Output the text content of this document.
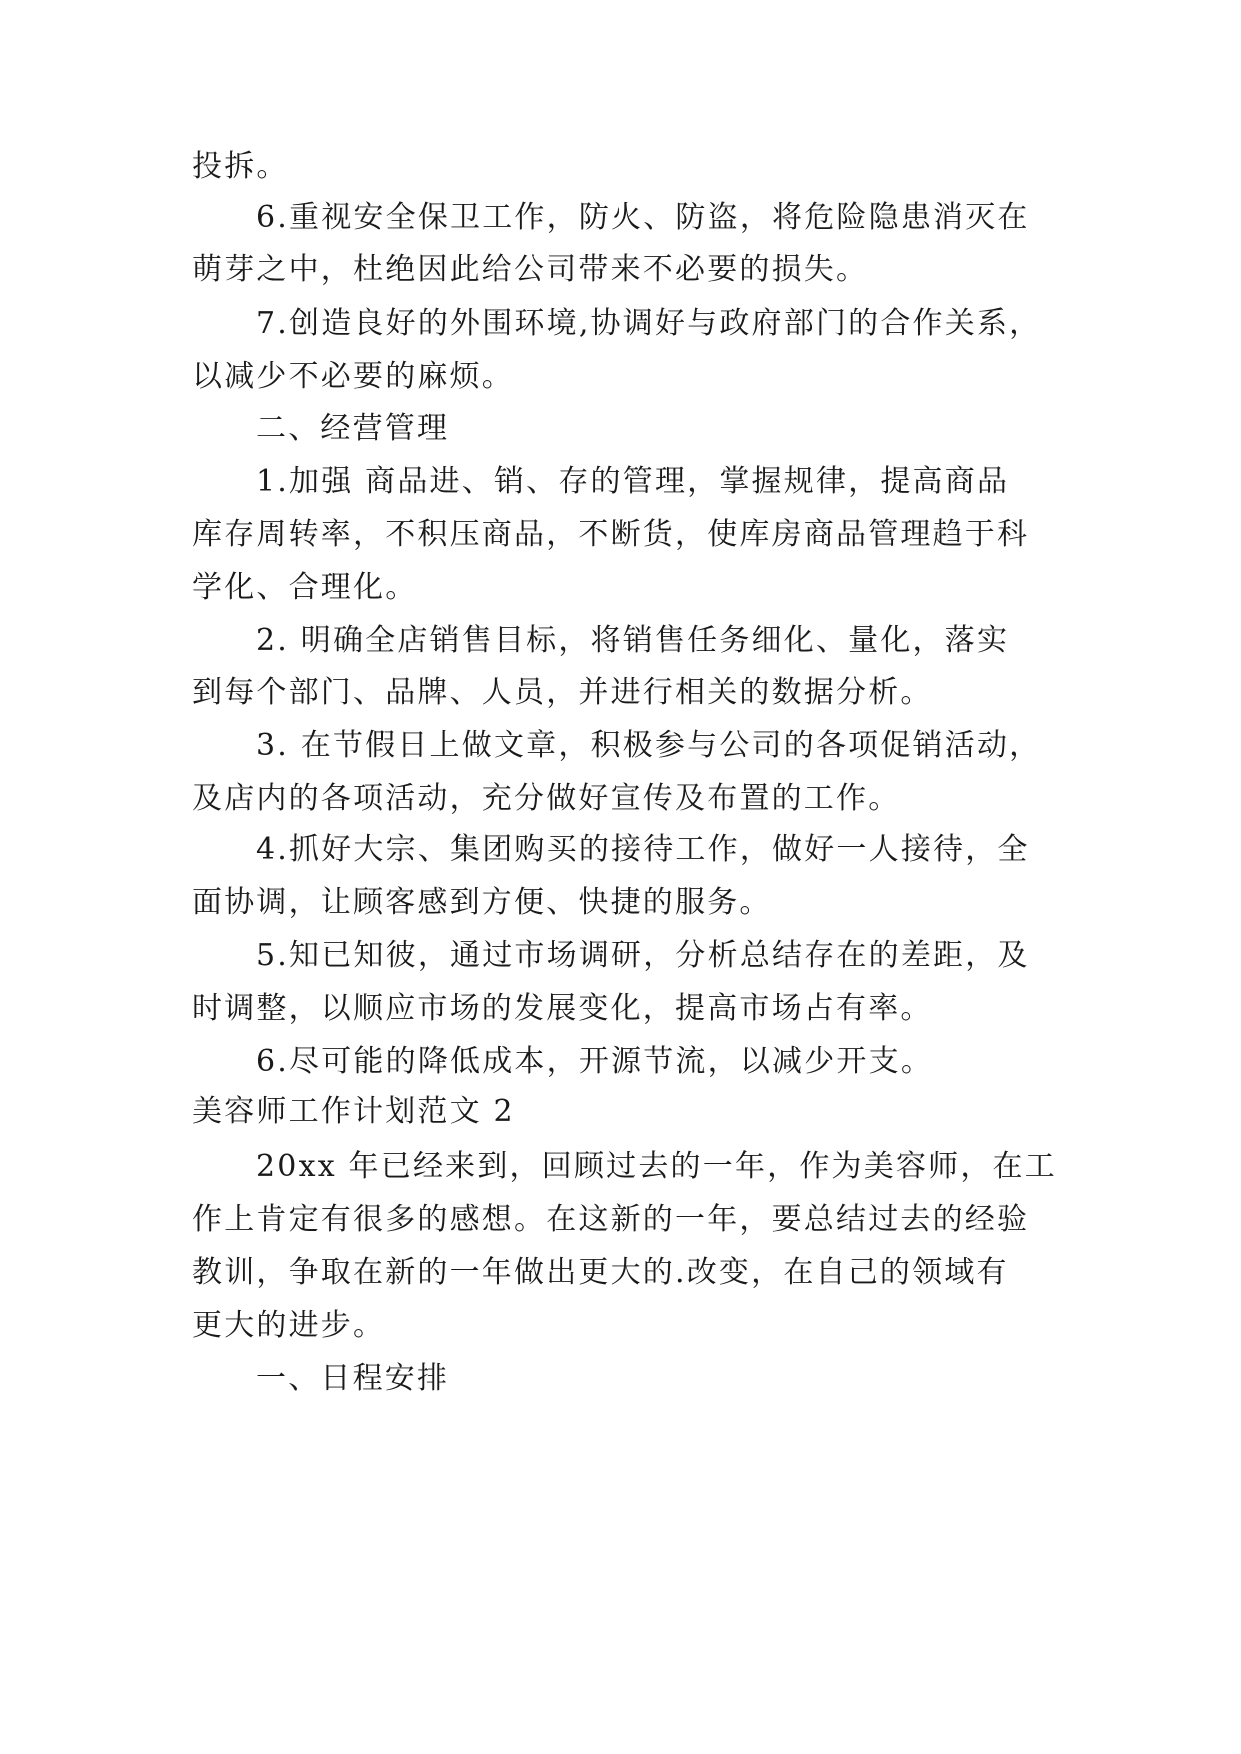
投拆。
6.重视安全保卫工作，防火、防盗，将危险隐患消灭在
萌芽之中，杜绝因此给公司带来不必要的损失。
7.创造良好的外围环境,协调好与政府部门的合作关系，
以减少不必要的麻烦。
二、经营管理
1.加强 商品进、销、存的管理，掌握规律，提高商品
库存周转率，不积压商品，不断货，使库房商品管理趋于科
学化、合理化。
2. 明确全店销售目标，将销售任务细化、量化，落实
到每个部门、品牌、人员，并进行相关的数据分析。
3. 在节假日上做文章，积极参与公司的各项促销活动，
及店内的各项活动，充分做好宣传及布置的工作。
4.抓好大宗、集团购买的接待工作，做好一人接待，全
面协调，让顾客感到方便、快捷的服务。
5.知已知彼，通过市场调研，分析总结存在的差距，及
时调整，以顺应市场的发展变化，提高市场占有率。
6.尽可能的降低成本，开源节流，以减少开支。
美容师工作计划范文 2
20xx 年已经来到，回顾过去的一年，作为美容师，在工
作上肯定有很多的感想。在这新的一年，要总结过去的经验
教训，争取在新的一年做出更大的.改变，在自己的领域有
更大的进步。
一、日程安排
